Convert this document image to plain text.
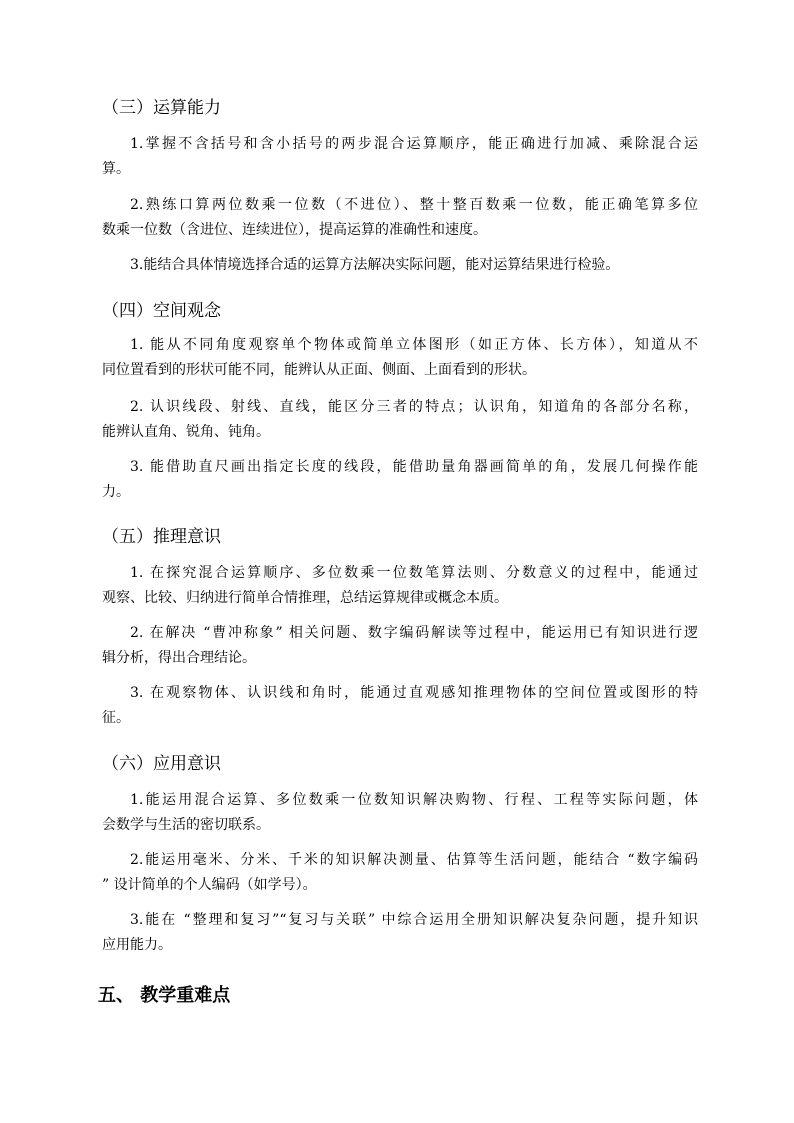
（三）运算能力

1.掌握不含括号和含小括号的两步混合运算顺序，能正确进行加减、乘除混合运
算。

2.熟练口算两位数乘一位数（不进位）、整十整百数乘一位数，能正确笔算多位
数乘一位数（含进位、连续进位），提高运算的准确性和速度。

3.能结合具体情境选择合适的运算方法解决实际问题，能对运算结果进行检验。

（四）空间观念

1. 能从不同角度观察单个物体或简单立体图形（如正方体、长方体），知道从不
同位置看到的形状可能不同，能辨认从正面、侧面、上面看到的形状。

2. 认识线段、射线、直线，能区分三者的特点；认识角，知道角的各部分名称，
能辨认直角、锐角、钝角。

3. 能借助直尺画出指定长度的线段，能借助量角器画简单的角，发展几何操作能
力。

（五）推理意识

1. 在探究混合运算顺序、多位数乘一位数笔算法则、分数意义的过程中，能通过
观察、比较、归纳进行简单合情推理，总结运算规律或概念本质。

2. 在解决 “曹冲称象” 相关问题、数字编码解读等过程中，能运用已有知识进行逻
辑分析，得出合理结论。

3. 在观察物体、认识线和角时，能通过直观感知推理物体的空间位置或图形的特
征。

（六）应用意识

1.能运用混合运算、多位数乘一位数知识解决购物、行程、工程等实际问题，体
会数学与生活的密切联系。

2.能运用毫米、分米、千米的知识解决测量、估算等生活问题，能结合 “数字编码
” 设计简单的个人编码（如学号）。

3.能在 “整理和复习”“复习与关联” 中综合运用全册知识解决复杂问题，提升知识
应用能力。

五、 教学重难点
